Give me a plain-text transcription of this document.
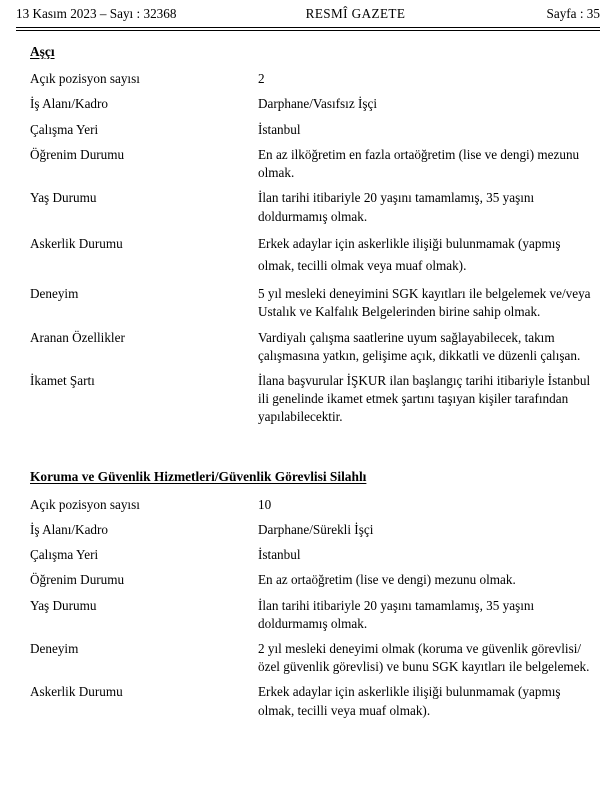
13 Kasım 2023 – Sayı : 32368	RESMÎ GAZETE	Sayfa : 35
Aşçı
Açık pozisyon sayısı	2
İş Alanı/Kadro	Darphane/Vasıfsız İşçi
Çalışma Yeri	İstanbul
Öğrenim Durumu	En az ilköğretim en fazla ortaöğretim (lise ve dengi) mezunu olmak.
Yaş Durumu	İlan tarihi itibariyle 20 yaşını tamamlamış, 35 yaşını doldurmamış olmak.
Askerlik Durumu	Erkek adaylar için askerlikle ilişiği bulunmamak (yapmış olmak, tecilli olmak veya muaf olmak).
Deneyim	5 yıl mesleki deneyimini SGK kayıtları ile belgelemek ve/veya Ustalık ve Kalfalık Belgelerinden birine sahip olmak.
Aranan Özellikler	Vardiyalı çalışma saatlerine uyum sağlayabilecek, takım çalışmasına yatkın, gelişime açık, dikkatli ve düzenli çalışan.
İkamet Şartı	İlana başvurular İŞKUR ilan başlangıç tarihi itibariyle İstanbul ili genelinde ikamet etmek şartını taşıyan kişiler tarafından yapılabilecektir.
Koruma ve Güvenlik Hizmetleri/Güvenlik Görevlisi Silahlı
Açık pozisyon sayısı	10
İş Alanı/Kadro	Darphane/Sürekli İşçi
Çalışma Yeri	İstanbul
Öğrenim Durumu	En az ortaöğretim (lise ve dengi) mezunu olmak.
Yaş Durumu	İlan tarihi itibariyle 20 yaşını tamamlamış, 35 yaşını doldurmamış olmak.
Deneyim	2 yıl mesleki deneyimi olmak (koruma ve güvenlik görevlisi/özel güvenlik görevlisi) ve bunu SGK kayıtları ile belgelemek.
Askerlik Durumu	Erkek adaylar için askerlikle ilişiği bulunmamak (yapmış olmak, tecilli veya muaf olmak).
